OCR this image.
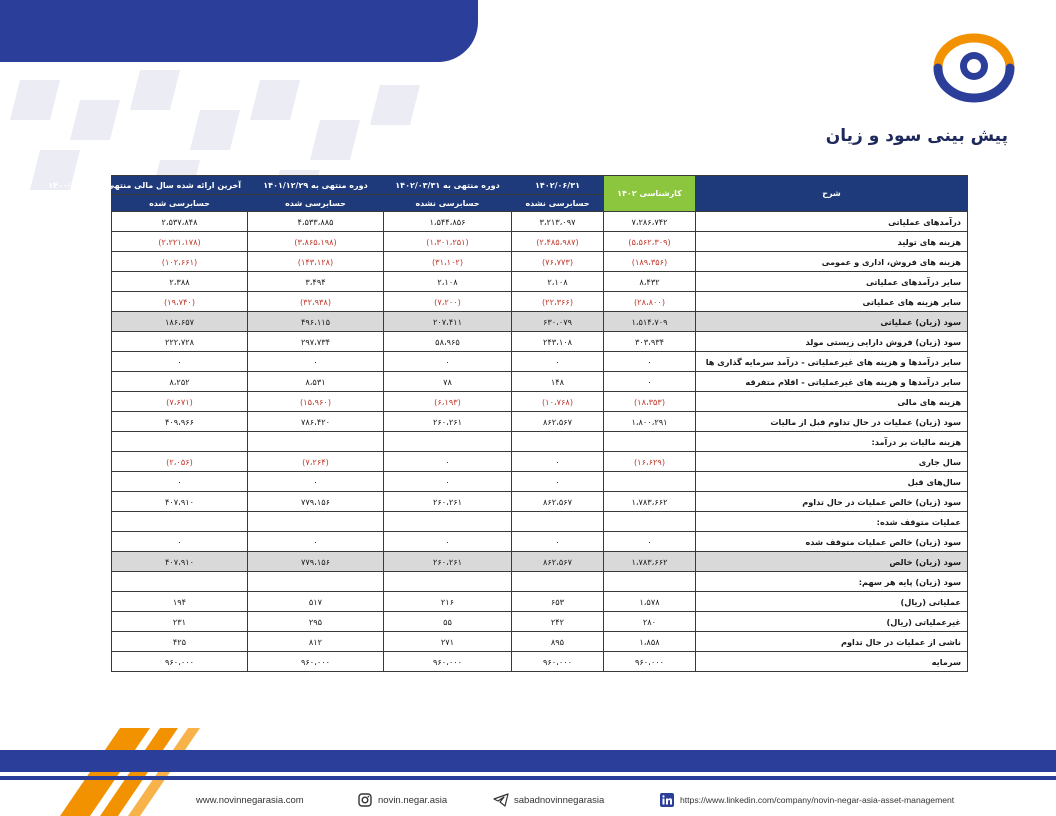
پیش بینی سود و زیان
شرح	کارشناسی ۱۴۰۲	۱۴۰۲/۰۶/۳۱	دوره منتهی به ۱۴۰۲/۰۳/۳۱	دوره منتهی به ۱۴۰۱/۱۲/۲۹	آخرین ارائه شده سال مالی منتهی به ۱۴۰۰/۱۲/۲۹
		حسابرسی نشده	حسابرسی نشده	حسابرسی شده	حسابرسی شده
درآمدهای عملیاتی	۷،۲۸۶،۷۴۲	۳،۲۱۳،۰۹۷	۱،۵۴۴،۸۵۶	۴،۵۳۳،۸۸۵	۲،۵۳۷،۸۴۸
هزینه های تولید	(۵،۵۶۲،۳۰۹)	(۲،۴۸۵،۹۸۷)	(۱،۳۰۱،۲۵۱)	(۳،۸۶۵،۱۹۸)	(۲،۲۲۱،۱۷۸)
هزینه های فروش، اداری و عمومی	(۱۸۹،۳۵۶)	(۷۶،۷۷۳)	(۳۱،۱۰۲)	(۱۴۳،۱۲۸)	(۱۰۲،۶۶۱)
سایر درآمدهای عملیاتی	۸،۴۳۲	۲،۱۰۸	۲،۱۰۸	۳،۴۹۴	۲،۳۸۸
سایر هزینه های عملیاتی	(۲۸،۸۰۰)	(۲۲،۳۶۶)	(۷،۲۰۰)	(۳۲،۹۳۸)	(۱۹،۷۴۰)
سود (زیان) عملیاتی	۱،۵۱۴،۷۰۹	۶۳۰،۰۷۹	۲۰۷،۴۱۱	۴۹۶،۱۱۵	۱۸۶،۶۵۷
سود (زیان) فروش دارایی زیستی مولد	۳۰۳،۹۳۴	۲۴۳،۱۰۸	۵۸،۹۶۵	۲۹۷،۷۳۴	۲۲۲،۷۲۸
سایر درآمدها و هزینه های غیرعملیاتی - درآمد سرمایه گذاری ها	۰	۰	۰	۰	۰
سایر درآمدها و هزینه های غیرعملیاتی - اقلام متفرقه	۰	۱۴۸	۷۸	۸،۵۳۱	۸،۲۵۲
هزینه های مالی	(۱۸،۳۵۳)	(۱۰،۷۶۸)	(۶،۱۹۳)	(۱۵،۹۶۰)	(۷،۶۷۱)
سود (زیان) عملیات در حال تداوم قبل از مالیات	۱،۸۰۰،۲۹۱	۸۶۲،۵۶۷	۲۶۰،۲۶۱	۷۸۶،۴۲۰	۴۰۹،۹۶۶
هزینه مالیات بر درآمد:					
سال جاری	(۱۶،۶۲۹)	۰	۰	(۷،۲۶۴)	(۲،۰۵۶)
سال‌های قبل		۰	۰	۰	۰
سود (زیان) خالص عملیات در حال تداوم	۱،۷۸۳،۶۶۲	۸۶۲،۵۶۷	۲۶۰،۲۶۱	۷۷۹،۱۵۶	۴۰۷،۹۱۰
عملیات متوقف شده:					
سود (زیان) خالص عملیات متوقف شده	۰	۰	۰	۰	۰
سود (زیان) خالص	۱،۷۸۳،۶۶۲	۸۶۲،۵۶۷	۲۶۰،۲۶۱	۷۷۹،۱۵۶	۴۰۷،۹۱۰
سود (زیان) پایه هر سهم:					
عملیاتی (ریال)	۱،۵۷۸	۶۵۳	۲۱۶	۵۱۷	۱۹۴
غیرعملیاتی (ریال)	۲۸۰	۲۴۲	۵۵	۲۹۵	۲۳۱
ناشی از عملیات در حال تداوم	۱،۸۵۸	۸۹۵	۲۷۱	۸۱۲	۴۲۵
سرمایه	۹۶۰،۰۰۰	۹۶۰،۰۰۰	۹۶۰،۰۰۰	۹۶۰،۰۰۰	۹۶۰،۰۰۰
www.novinnegarasia.com	novin.negar.asia	sabadnovinnegarasia	https://www.linkedin.com/company/novin-negar-asia-asset-management
